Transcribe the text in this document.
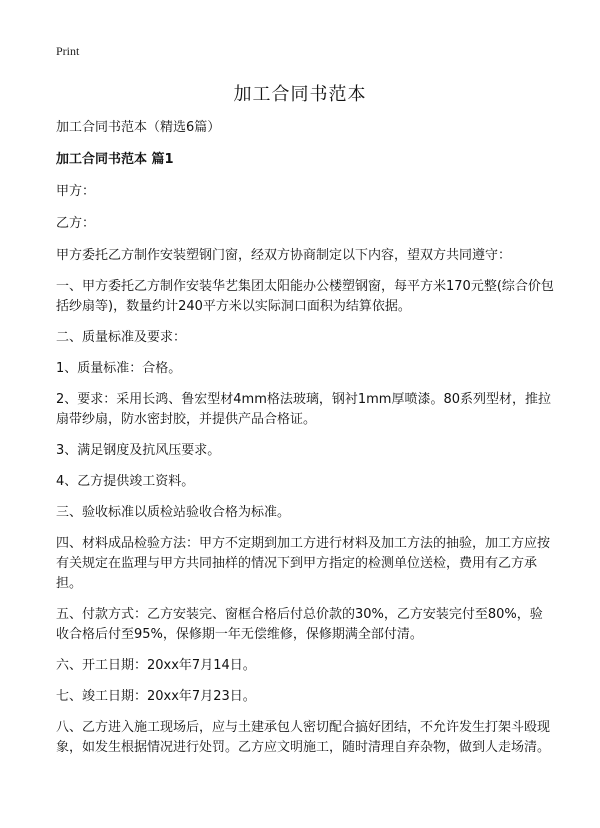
Print
加工合同书范本

加工合同书范本（精选6篇）

加工合同书范本 篇1

甲方：

乙方：

甲方委托乙方制作安装塑钢门窗，经双方协商制定以下内容，望双方共同遵守：

一、甲方委托乙方制作安装华艺集团太阳能办公楼塑钢窗，每平方米170元整(综合价包括纱扇等)，数量约计240平方米以实际洞口面积为结算依据。

二、质量标准及要求：

1、质量标准：合格。

2、要求：采用长鸿、鲁宏型材4mm格法玻璃，钢衬1mm厚喷漆。80系列型材，推拉扇带纱扇，防水密封胶，并提供产品合格证。

3、满足钢度及抗风压要求。

4、乙方提供竣工资料。

三、验收标准以质检站验收合格为标准。

四、材料成品检验方法：甲方不定期到加工方进行材料及加工方法的抽验，加工方应按有关规定在监理与甲方共同抽样的情况下到甲方指定的检测单位送检，费用有乙方承担。

五、付款方式：乙方安装完、窗框合格后付总价款的30%，乙方安装完付至80%，验收合格后付至95%，保修期一年无偿维修，保修期满全部付清。

六、开工日期：20xx年7月14日。

七、竣工日期：20xx年7月23日。

八、乙方进入施工现场后，应与土建承包人密切配合搞好团结，不允许发生打架斗殴现象，如发生根据情况进行处罚。乙方应文明施工，随时清理自弃杂物，做到人走场清。
